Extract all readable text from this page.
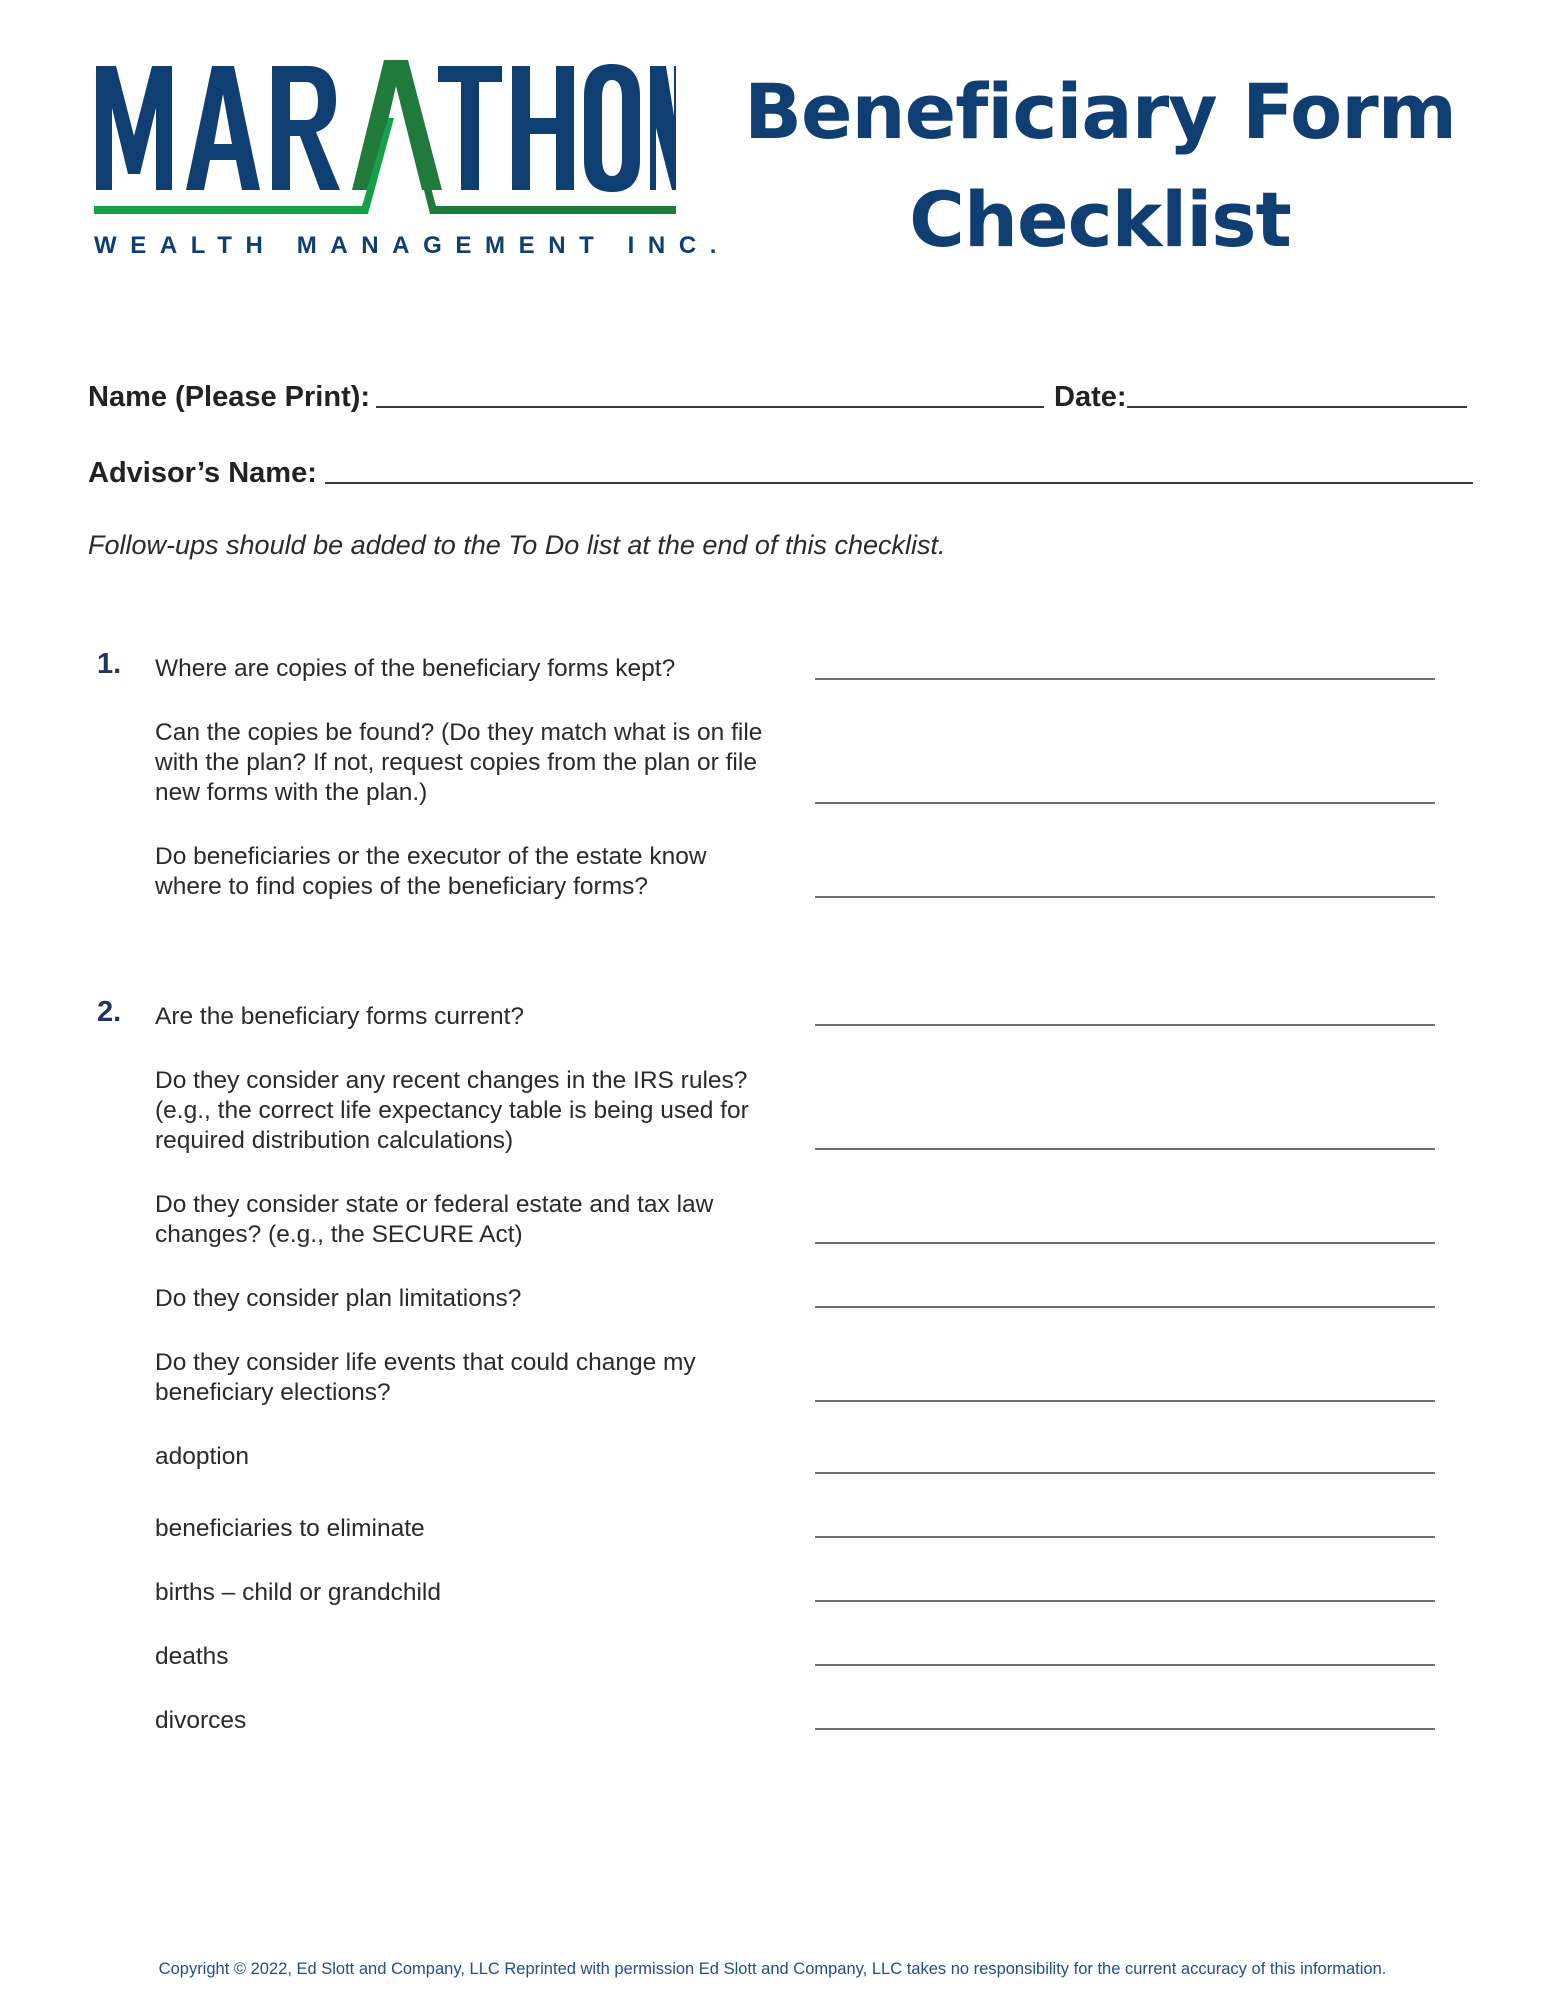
WEALTH MANAGEMENT INC.
Beneficiary Form
Checklist
Name (Please Print):	Date:
Advisor’s Name:
Follow-ups should be added to the To Do list at the end of this checklist.
1. Where are copies of the beneficiary forms kept?
Can the copies be found? (Do they match what is on file
with the plan? If not, request copies from the plan or file
new forms with the plan.)
Do beneficiaries or the executor of the estate know
where to find copies of the beneficiary forms?
2. Are the beneficiary forms current?
Do they consider any recent changes in the IRS rules?
(e.g., the correct life expectancy table is being used for
required distribution calculations)
Do they consider state or federal estate and tax law
changes? (e.g., the SECURE Act)
Do they consider plan limitations?
Do they consider life events that could change my
beneficiary elections?
adoption
beneficiaries to eliminate
births – child or grandchild
deaths
divorces
Copyright © 2022, Ed Slott and Company, LLC Reprinted with permission Ed Slott and Company, LLC takes no responsibility for the current accuracy of this information.
